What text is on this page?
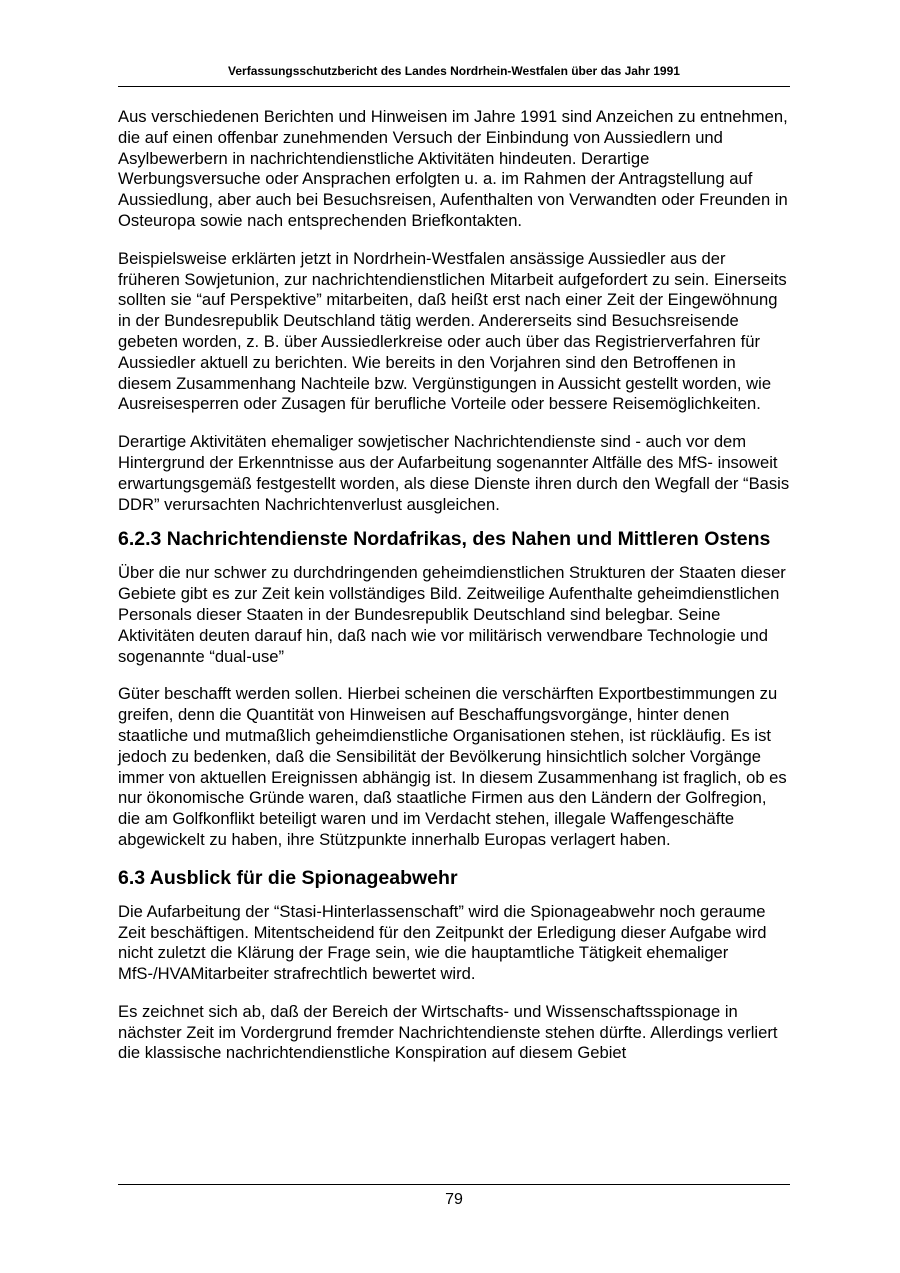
Verfassungsschutzbericht des Landes Nordrhein-Westfalen über das Jahr 1991

Aus verschiedenen Berichten und Hinweisen im Jahre 1991 sind Anzeichen zu entnehmen, die auf einen offenbar zunehmenden Versuch der Einbindung von Aussiedlern und Asylbewerbern in nachrichtendienstliche Aktivitäten hindeuten. Derartige Werbungsversuche oder Ansprachen erfolgten u. a. im Rahmen der Antragstellung auf Aussiedlung, aber auch bei Besuchsreisen, Aufenthalten von Verwandten oder Freunden in Osteuropa sowie nach entsprechenden Briefkontakten.

Beispielsweise erklärten jetzt in Nordrhein-Westfalen ansässige Aussiedler aus der früheren Sowjetunion, zur nachrichtendienstlichen Mitarbeit aufgefordert zu sein. Einerseits sollten sie “auf Perspektive” mitarbeiten, daß heißt erst nach einer Zeit der Eingewöhnung in der Bundesrepublik Deutschland tätig werden. Andererseits sind Besuchsreisende gebeten worden, z. B. über Aussiedlerkreise oder auch über das Registrierverfahren für Aussiedler aktuell zu berichten. Wie bereits in den Vorjahren sind den Betroffenen in diesem Zusammenhang Nachteile bzw. Vergünstigungen in Aussicht gestellt worden, wie Ausreisesperren oder Zusagen für berufliche Vorteile oder bessere Reisemöglichkeiten.

Derartige Aktivitäten ehemaliger sowjetischer Nachrichtendienste sind - auch vor dem Hintergrund der Erkenntnisse aus der Aufarbeitung sogenannter Altfälle des MfS- insoweit erwartungsgemäß festgestellt worden, als diese Dienste ihren durch den Wegfall der “Basis DDR” verursachten Nachrichtenverlust ausgleichen.

6.2.3 Nachrichtendienste Nordafrikas, des Nahen und Mittleren Ostens

Über die nur schwer zu durchdringenden geheimdienstlichen Strukturen der Staaten dieser Gebiete gibt es zur Zeit kein vollständiges Bild. Zeitweilige Aufenthalte geheimdienstlichen Personals dieser Staaten in der Bundesrepublik Deutschland sind belegbar. Seine Aktivitäten deuten darauf hin, daß nach wie vor militärisch verwendbare Technologie und sogenannte “dual-use”

Güter beschafft werden sollen. Hierbei scheinen die verschärften Exportbestimmungen zu greifen, denn die Quantität von Hinweisen auf Beschaffungsvorgänge, hinter denen staatliche und mutmaßlich geheimdienstliche Organisationen stehen, ist rückläufig. Es ist jedoch zu bedenken, daß die Sensibilität der Bevölkerung hinsichtlich solcher Vorgänge immer von aktuellen Ereignissen abhängig ist. In diesem Zusammenhang ist fraglich, ob es nur ökonomische Gründe waren, daß staatliche Firmen aus den Ländern der Golfregion, die am Golfkonflikt beteiligt waren und im Verdacht stehen, illegale Waffengeschäfte abgewickelt zu haben, ihre Stützpunkte innerhalb Europas verlagert haben.

6.3 Ausblick für die Spionageabwehr

Die Aufarbeitung der “Stasi-Hinterlassenschaft” wird die Spionageabwehr noch geraume Zeit beschäftigen. Mitentscheidend für den Zeitpunkt der Erledigung dieser Aufgabe wird nicht zuletzt die Klärung der Frage sein, wie die hauptamtliche Tätigkeit ehemaliger MfS-/HVAMitarbeiter strafrechtlich bewertet wird.

Es zeichnet sich ab, daß der Bereich der Wirtschafts- und Wissenschaftsspionage in nächster Zeit im Vordergrund fremder Nachrichtendienste stehen dürfte. Allerdings verliert die klassische nachrichtendienstliche Konspiration auf diesem Gebiet

79
